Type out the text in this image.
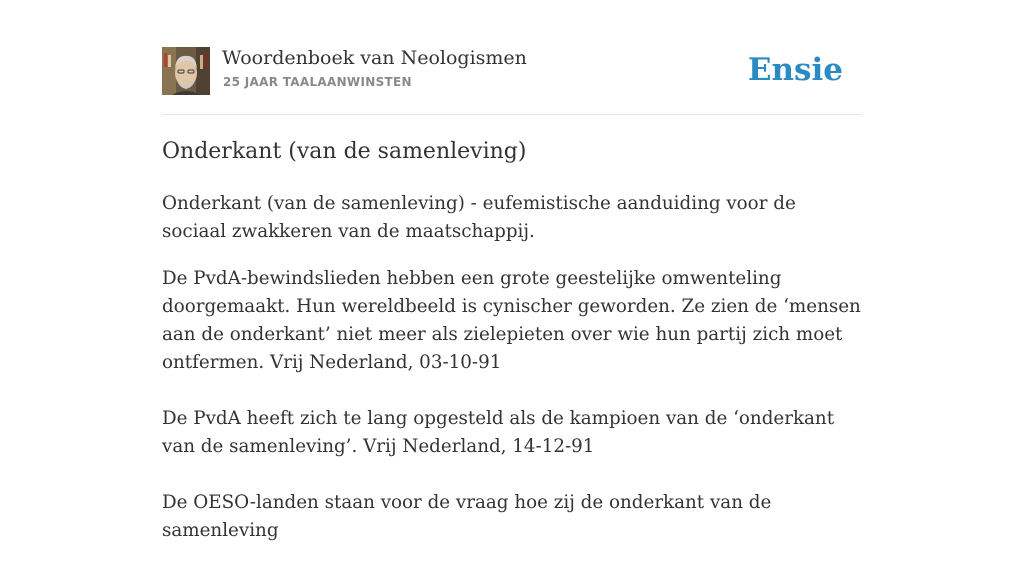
Woordenboek van Neologismen
25 JAAR TAALAANWINSTEN	Ensie
Onderkant (van de samenleving)

Onderkant (van de samenleving) - eufemistische aanduiding voor de sociaal zwakkeren van de maatschappij.

De PvdA-bewindslieden hebben een grote geestelijke omwenteling doorgemaakt. Hun wereldbeeld is cynischer geworden. Ze zien de ‘mensen aan de onderkant’ niet meer als zielepieten over wie hun partij zich moet ontfermen. Vrij Nederland, 03-10-91

De PvdA heeft zich te lang opgesteld als de kampioen van de ‘onderkant van de samenleving’. Vrij Nederland, 14-12-91

De OESO-landen staan voor de vraag hoe zij de onderkant van de samenleving
